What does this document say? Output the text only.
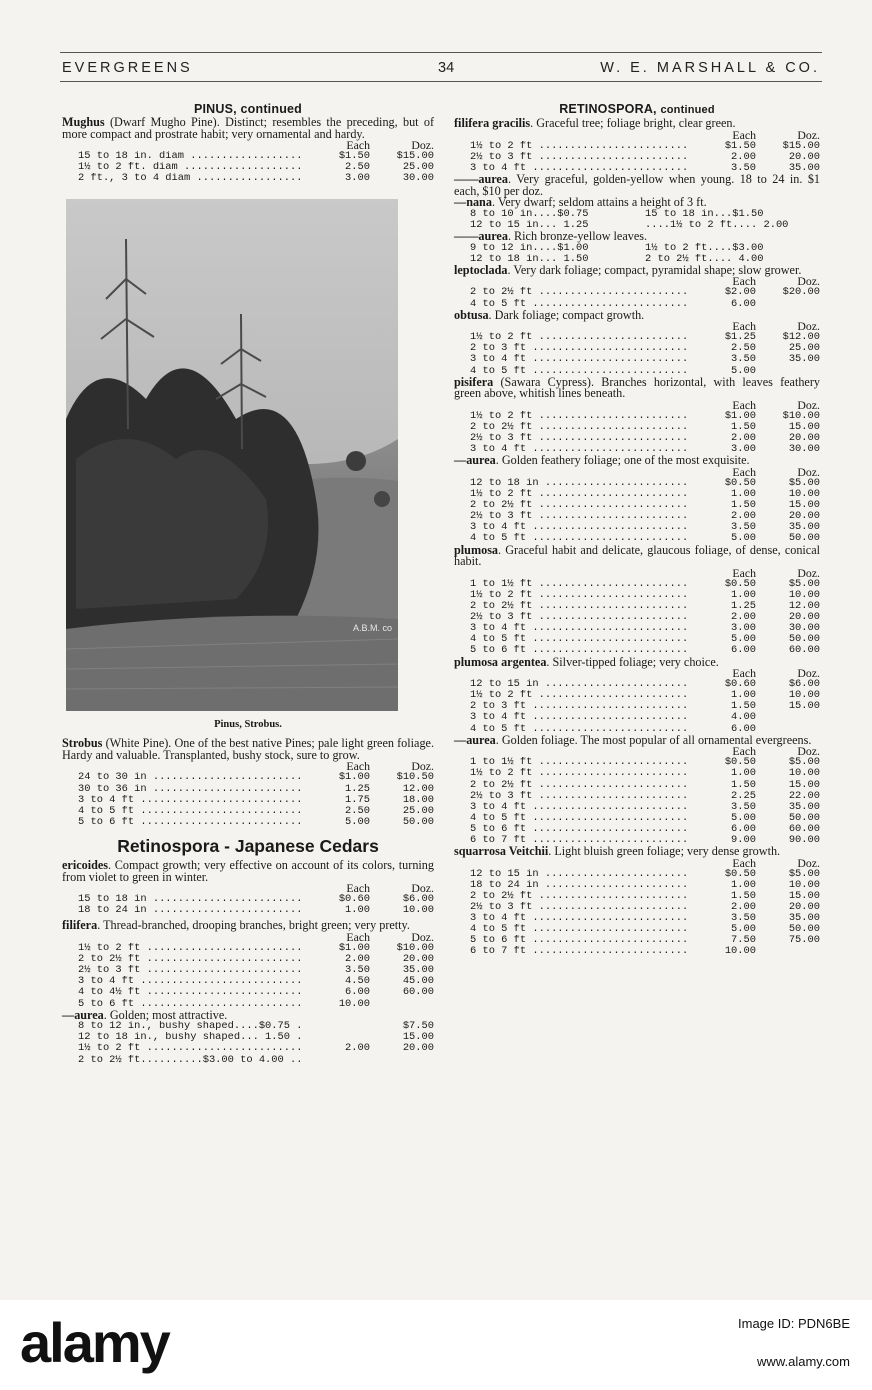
EVERGREENS	34	W. E. MARSHALL & CO.
PINUS, continued

Mughus (Dwarf Mugho Pine). Distinct; resembles the preceding, but of more compact and prostrate habit; very ornamental and hardy.

Each	Doz.
15 to 18 in. diam .....	$1.50	$15.00
1½ to 2 ft. diam .....	2.50	25.00
2 ft., 3 to 4 diam .....	3.00	30.00
A.B.M. co
Pinus, Strobus.

Strobus (White Pine). One of the best native Pines; pale light green foliage. Hardy and valuable. Transplanted, bushy stock, sure to grow.

Each	Doz.
24 to 30 in .....	$1.00	$10.50
30 to 36 in .....	1.25	12.00
3 to 4 ft .....	1.75	18.00
4 to 5 ft .....	2.50	25.00
5 to 6 ft .....	5.00	50.00
Retinospora - Japanese Cedars

ericoides. Compact growth; very effective on account of its colors, turning from violet to green in winter.

Each	Doz.
15 to 18 in .....	$0.60	$6.00
18 to 24 in .....	1.00	10.00

filifera. Thread-branched, drooping branches, bright green; very pretty.

Each	Doz.
1½ to 2 ft .....	$1.00	$10.00
2 to 2½ ft .....	2.00	20.00
2½ to 3 ft .....	3.50	35.00
3 to 4 ft .....	4.50	45.00
4 to 4½ ft .....	6.00	60.00
5 to 6 ft .....	10.00

—aurea. Golden; most attractive.

8 to 12 in., bushy shaped....$0.75 .....	$7.50
12 to 18 in., bushy shaped... 1.50 .....	15.00
1½ to 2 ft .....	2.00	20.00
2 to 2½ ft..........$3.00 to 4.00 .....
RETINOSPORA, continued

filifera gracilis. Graceful tree; foliage bright, clear green.

Each	Doz.
1½ to 2 ft .....	$1.50	$15.00
2½ to 3 ft .....	2.00	20.00
3 to 4 ft .....	3.50	35.00

——aurea. Very graceful, golden-yellow when young. 18 to 24 in. $1 each, $10 per doz.

—nana. Very dwarf; seldom attains a height of 3 ft.

8 to 10 in....$0.75	15 to 18 in...$1.50
12 to 15 in... 1.25	....1½ to 2 ft.... 2.00

——aurea. Rich bronze-yellow leaves.

9 to 12 in....$1.00	1½ to 2 ft....$3.00
12 to 18 in... 1.50	2 to 2½ ft.... 4.00

leptoclada. Very dark foliage; compact, pyramidal shape; slow grower.

Each	Doz.
2 to 2½ ft .....	$2.00	$20.00
4 to 5 ft .....	6.00

obtusa. Dark foliage; compact growth.

Each	Doz.
1½ to 2 ft .....	$1.25	$12.00
2 to 3 ft .....	2.50	25.00
3 to 4 ft .....	3.50	35.00
4 to 5 ft .....	5.00

pisifera (Sawara Cypress). Branches horizontal, with leaves feathery green above, whitish lines beneath.

Each	Doz.
1½ to 2 ft .....	$1.00	$10.00
2 to 2½ ft .....	1.50	15.00
2½ to 3 ft .....	2.00	20.00
3 to 4 ft .....	3.00	30.00

—aurea. Golden feathery foliage; one of the most exquisite.

Each	Doz.
12 to 18 in .....	$0.50	$5.00
1½ to 2 ft .....	1.00	10.00
2 to 2½ ft .....	1.50	15.00
2½ to 3 ft .....	2.00	20.00
3 to 4 ft .....	3.50	35.00
4 to 5 ft .....	5.00	50.00

plumosa. Graceful habit and delicate, glaucous foliage, of dense, conical habit.

Each	Doz.
1 to 1½ ft .....	$0.50	$5.00
1½ to 2 ft .....	1.00	10.00
2 to 2½ ft .....	1.25	12.00
2½ to 3 ft .....	2.00	20.00
3 to 4 ft .....	3.00	30.00
4 to 5 ft .....	5.00	50.00
5 to 6 ft .....	6.00	60.00

plumosa argentea. Silver-tipped foliage; very choice.

Each	Doz.
12 to 15 in .....	$0.60	$6.00
1½ to 2 ft .....	1.00	10.00
2 to 3 ft .....	1.50	15.00
3 to 4 ft .....	4.00
4 to 5 ft .....	6.00

—aurea. Golden foliage. The most popular of all ornamental evergreens.

Each	Doz.
1 to 1½ ft .....	$0.50	$5.00
1½ to 2 ft .....	1.00	10.00
2 to 2½ ft .....	1.50	15.00
2½ to 3 ft .....	2.25	22.00
3 to 4 ft .....	3.50	35.00
4 to 5 ft .....	5.00	50.00
5 to 6 ft .....	6.00	60.00
6 to 7 ft .....	9.00	90.00

squarrosa Veitchii. Light bluish green foliage; very dense growth.

Each	Doz.
12 to 15 in .....	$0.50	$5.00
18 to 24 in .....	1.00	10.00
2 to 2½ ft .....	1.50	15.00
2½ to 3 ft .....	2.00	20.00
3 to 4 ft .....	3.50	35.00
4 to 5 ft .....	5.00	50.00
5 to 6 ft .....	7.50	75.00
6 to 7 ft .....	10.00
alamy	Image ID: PDN6BE
www.alamy.com
